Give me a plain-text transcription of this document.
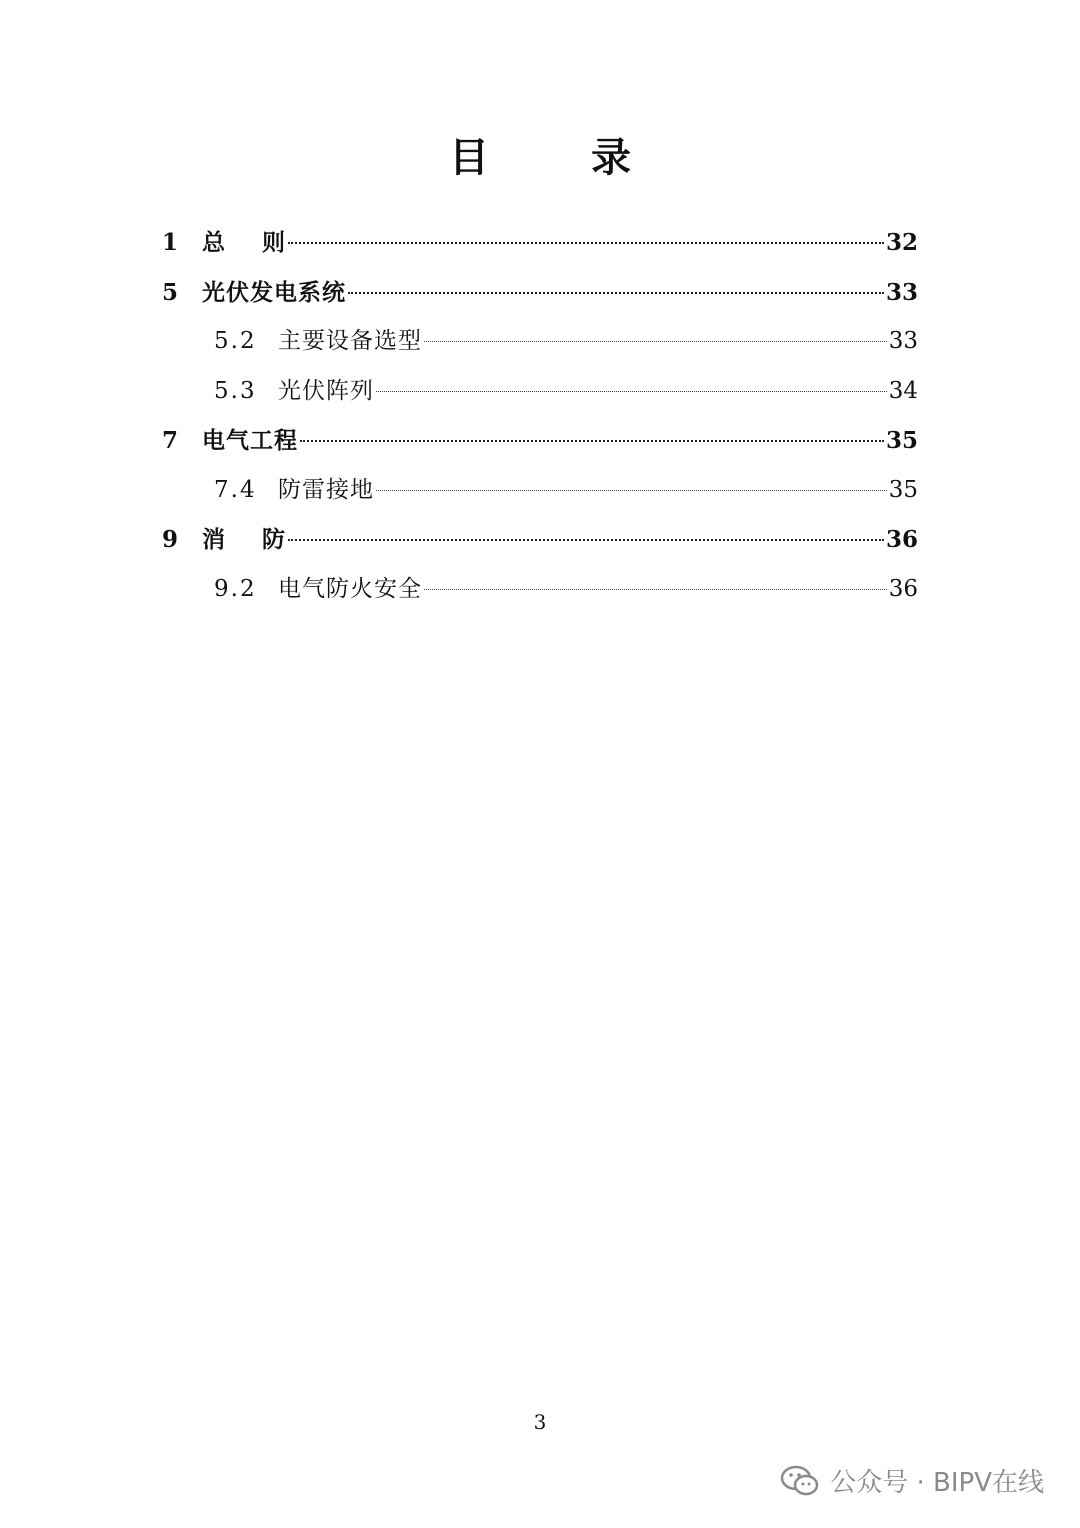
目 录
1	总    则	32
5	光伏发电系统	33
5.2 主要设备选型	33
5.3 光伏阵列	34
7	电气工程	35
7.4 防雷接地	35
9	消    防	36
9.2 电气防火安全	36
3
公众号 · BIPV在线
